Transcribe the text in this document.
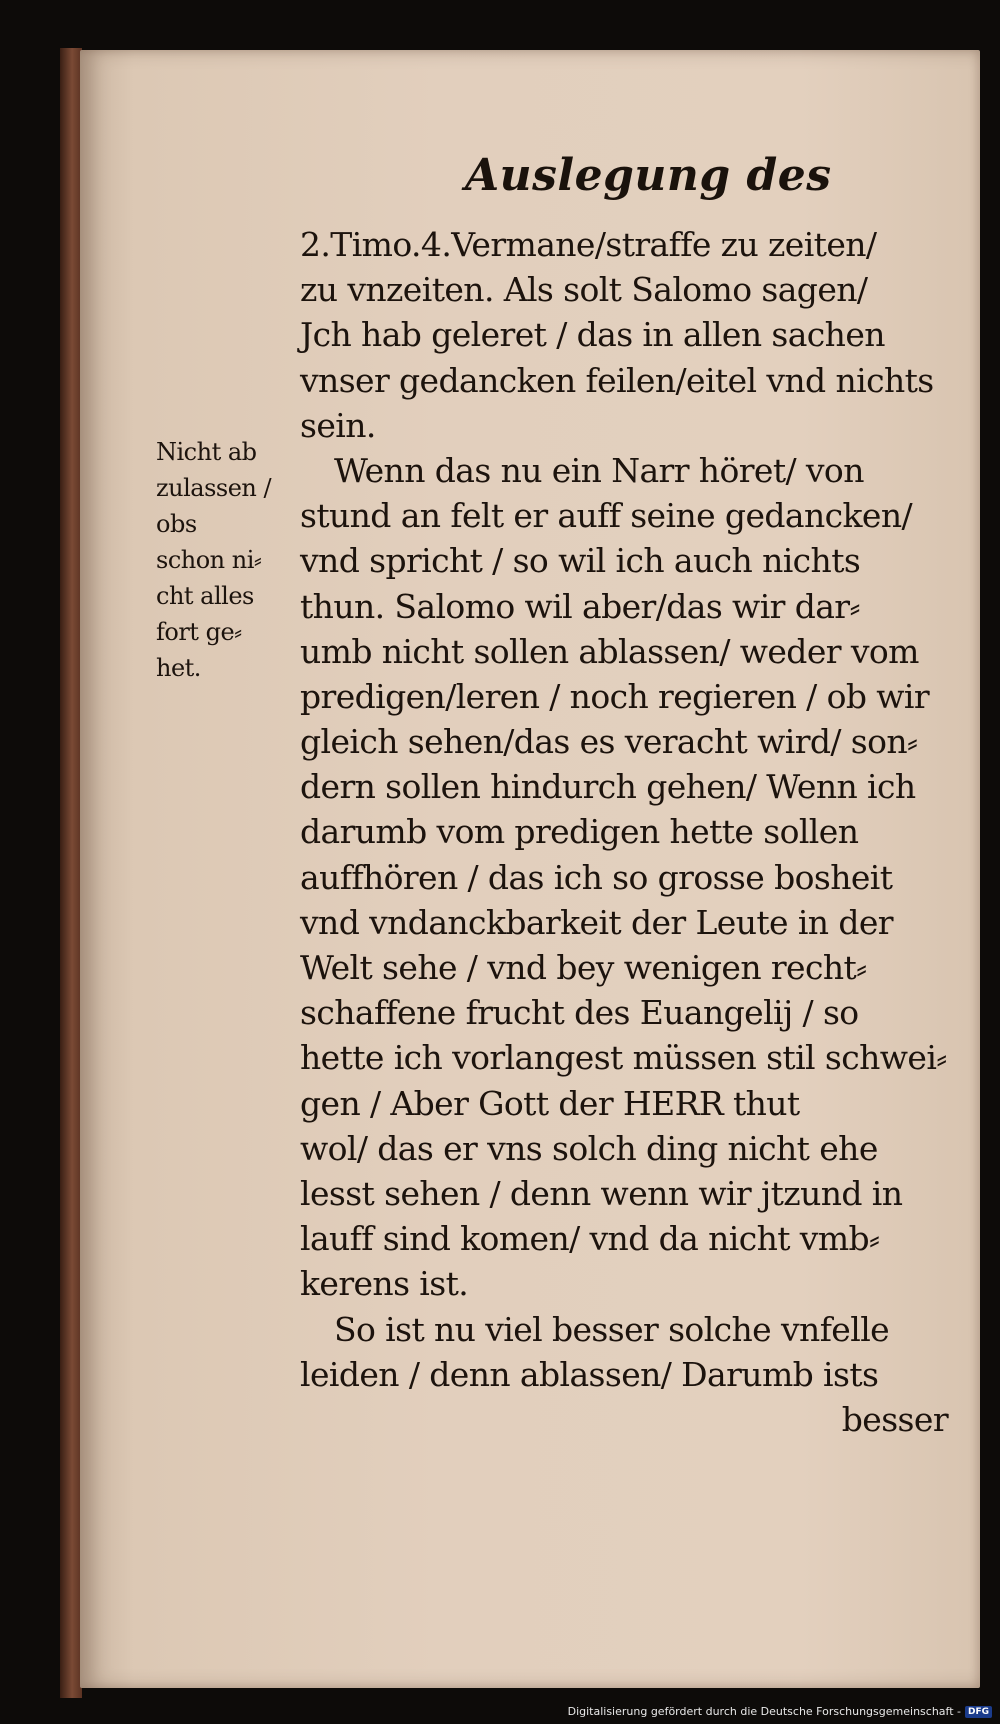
Auslegung des
Nicht ab
zulassen /
obs
schon ni⸗
cht alles
fort ge⸗
het.
2.Timo.4.Vermane/straffe zu zeiten/
zu vnzeiten. Als solt Salomo sagen/
Jch hab geleret / das in allen sachen
vnser gedancken feilen/eitel vnd nichts
sein.
Wenn das nu ein Narr höret/ von
stund an felt er auff seine gedancken/
vnd spricht / so wil ich auch nichts
thun. Salomo wil aber/das wir dar⸗
umb nicht sollen ablassen/ weder vom
predigen/leren / noch regieren / ob wir
gleich sehen/das es veracht wird/ son⸗
dern sollen hindurch gehen/ Wenn ich
darumb vom predigen hette sollen
auffhören / das ich so grosse bosheit
vnd vndanckbarkeit der Leute in der
Welt sehe / vnd bey wenigen recht⸗
schaffene frucht des Euangelij / so
hette ich vorlangest müssen stil schwei⸗
gen / Aber Gott der HERR thut
wol/ das er vns solch ding nicht ehe
lesst sehen / denn wenn wir jtzund in
lauff sind komen/ vnd da nicht vmb⸗
kerens ist.
So ist nu viel besser solche vnfelle
leiden / denn ablassen/ Darumb ists
besser
Digitalisierung gefördert durch die Deutsche Forschungsgemeinschaft - DFG
